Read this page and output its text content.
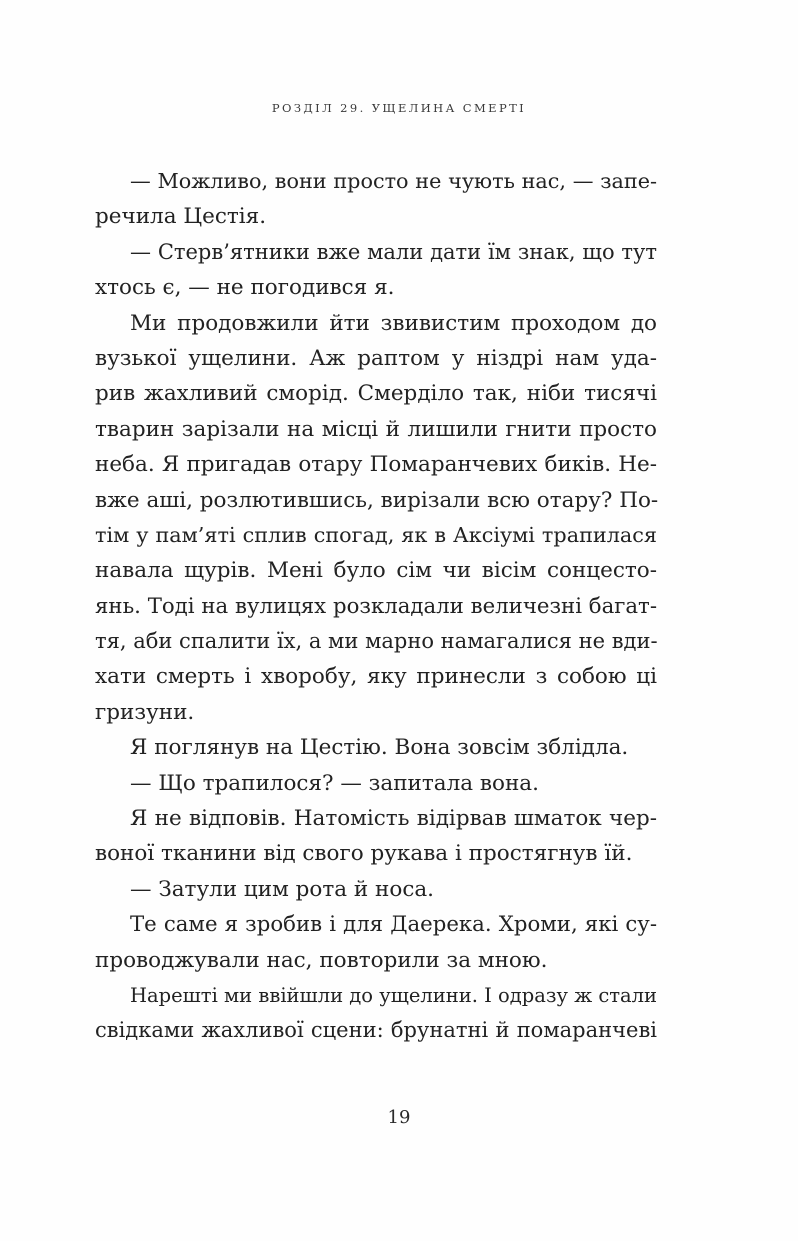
РОЗДІЛ 29. УЩЕЛИНА СМЕРТІ
— Можливо, вони просто не чують нас, — запе-
речила Цестія.
— Стерв’ятники вже мали дати їм знак, що тут
хтось є, — не погодився я.
Ми продовжили йти звивистим проходом до
вузької ущелини. Аж раптом у ніздрі нам уда-
рив жахливий сморід. Смерділо так, ніби тисячі
тварин зарізали на місці й лишили гнити просто
неба. Я пригадав отару Помаранчевих биків. Не-
вже аші, розлютившись, вирізали всю отару? По-
тім у пам’яті сплив спогад, як в Аксіумі трапилася
навала щурів. Мені було сім чи вісім сонцесто-
янь. Тоді на вулицях розкладали величезні багат-
тя, аби спалити їх, а ми марно намагалися не вди-
хати смерть і хворобу, яку принесли з собою ці
гризуни.
Я поглянув на Цестію. Вона зовсім зблідла.
— Що трапилося? — запитала вона.
Я не відповів. Натомість відірвав шматок чер-
воної тканини від свого рукава і простягнув їй.
— Затули цим рота й носа.
Те саме я зробив і для Даерека. Хроми, які су-
проводжували нас, повторили за мною.
Нарешті ми ввійшли до ущелини. І одразу ж стали
свідками жахливої сцени: брунатні й помаранчеві
19
